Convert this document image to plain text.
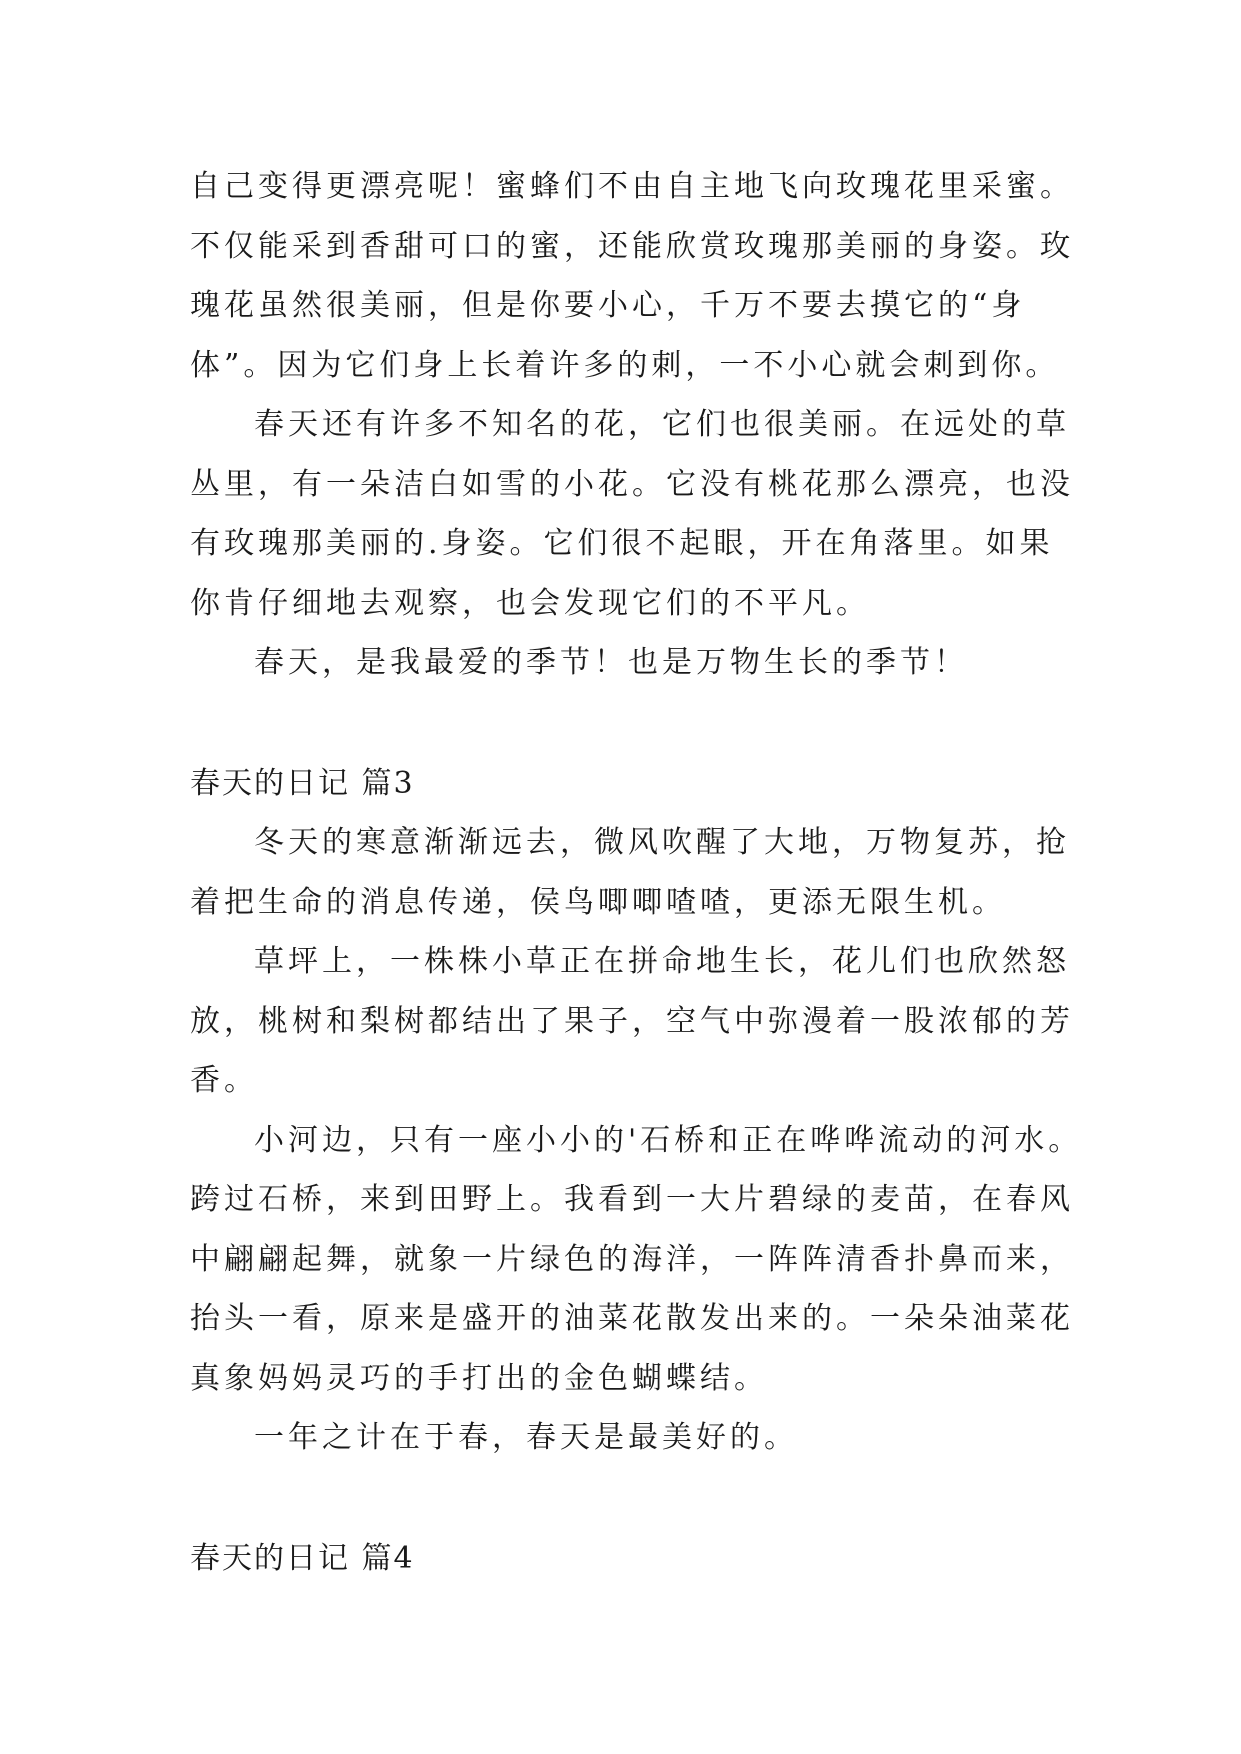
自己变得更漂亮呢！蜜蜂们不由自主地飞向玫瑰花里采蜜。
不仅能采到香甜可口的蜜，还能欣赏玫瑰那美丽的身姿。玫
瑰花虽然很美丽，但是你要小心，千万不要去摸它的“身
体”。因为它们身上长着许多的刺，一不小心就会刺到你。
春天还有许多不知名的花，它们也很美丽。在远处的草
丛里，有一朵洁白如雪的小花。它没有桃花那么漂亮，也没
有玫瑰那美丽的.身姿。它们很不起眼，开在角落里。如果
你肯仔细地去观察，也会发现它们的不平凡。
春天，是我最爱的季节！也是万物生长的季节！
春天的日记 篇3
冬天的寒意渐渐远去，微风吹醒了大地，万物复苏，抢
着把生命的消息传递，侯鸟唧唧喳喳，更添无限生机。
草坪上，一株株小草正在拼命地生长，花儿们也欣然怒
放，桃树和梨树都结出了果子，空气中弥漫着一股浓郁的芳
香。
小河边，只有一座小小的'石桥和正在哗哗流动的河水。
跨过石桥，来到田野上。我看到一大片碧绿的麦苗，在春风
中翩翩起舞，就象一片绿色的海洋，一阵阵清香扑鼻而来，
抬头一看，原来是盛开的油菜花散发出来的。一朵朵油菜花
真象妈妈灵巧的手打出的金色蝴蝶结。
一年之计在于春，春天是最美好的。
春天的日记 篇4
